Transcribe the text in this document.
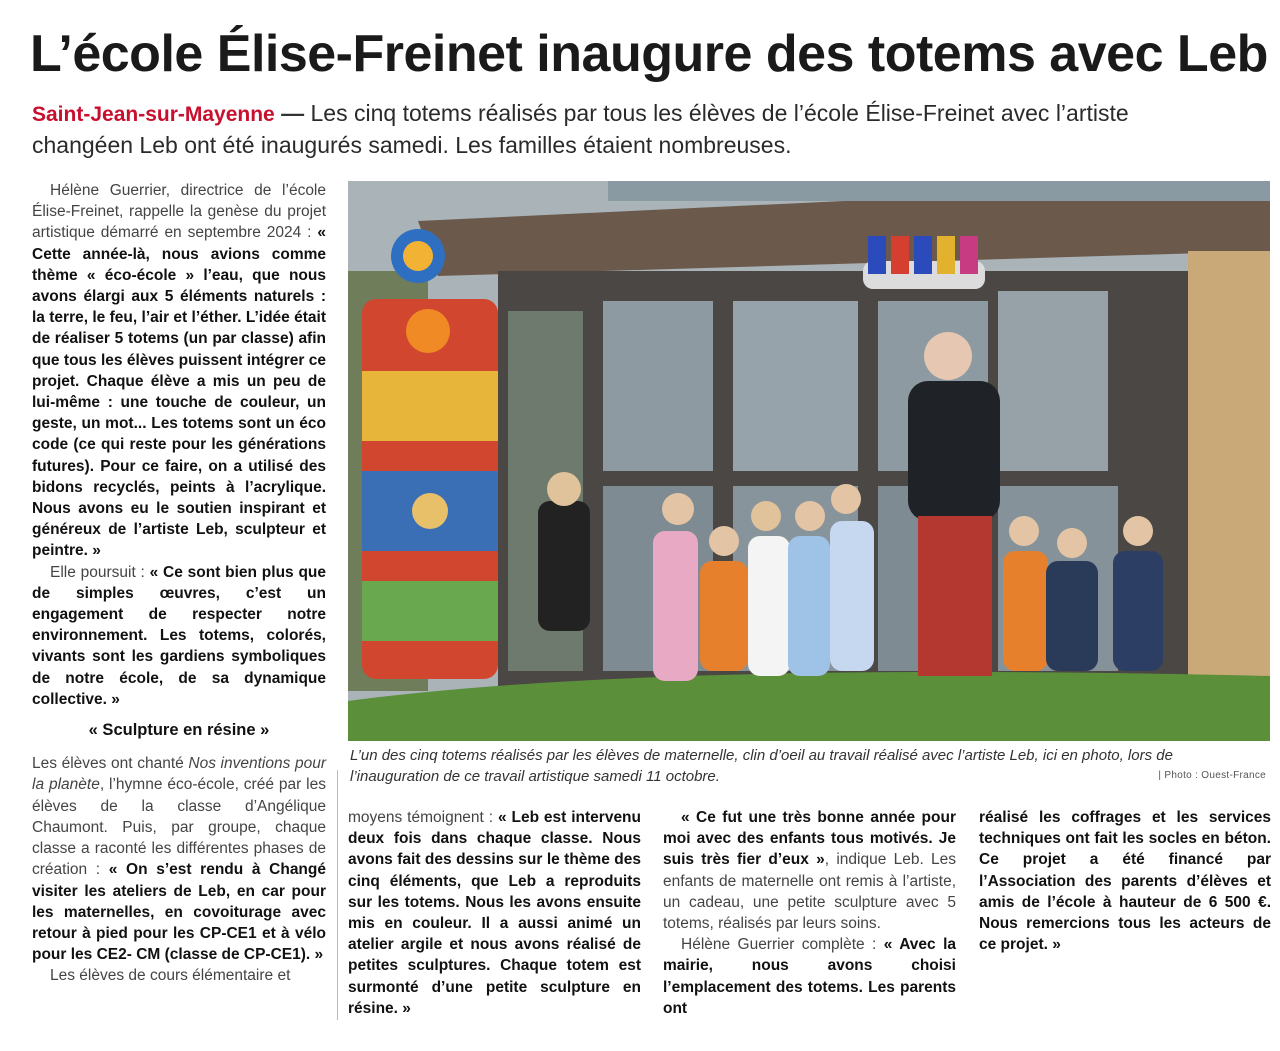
L’école Élise-Freinet inaugure des totems avec Leb
Saint-Jean-sur-Mayenne — Les cinq totems réalisés par tous les élèves de l’école Élise-Freinet avec l’artiste changéen Leb ont été inaugurés samedi. Les familles étaient nombreuses.

Hélène Guerrier, directrice de l’école Élise-Freinet, rappelle la genèse du projet artistique démarré en septembre 2024 : « Cette année-là, nous avions comme thème « éco-école » l’eau, que nous avons élargi aux 5 éléments naturels : la terre, le feu, l’air et l’éther. L’idée était de réaliser 5 totems (un par classe) afin que tous les élèves puissent intégrer ce projet. Chaque élève a mis un peu de lui-même : une touche de couleur, un geste, un mot... Les totems sont un éco code (ce qui reste pour les générations futures). Pour ce faire, on a utilisé des bidons recyclés, peints à l’acrylique. Nous avons eu le soutien inspirant et généreux de l’artiste Leb, sculpteur et peintre. »

Elle poursuit : « Ce sont bien plus que de simples œuvres, c’est un engagement de respecter notre environnement. Les totems, colorés, vivants sont les gardiens symboliques de notre école, de sa dynamique collective. »

« Sculpture en résine »

Les élèves ont chanté Nos inventions pour la planète, l’hymne éco-école, créé par les élèves de la classe d’Angélique Chaumont. Puis, par groupe, chaque classe a raconté les différentes phases de création : « On s’est rendu à Changé visiter les ateliers de Leb, en car pour les maternelles, en covoiturage avec retour à pied pour les CP-CE1 et à vélo pour les CE2- CM (classe de CP-CE1). »

Les élèves de cours élémentaire et

L’un des cinq totems réalisés par les élèves de maternelle, clin d’oeil au travail réalisé avec l’artiste Leb, ici en photo, lors de l’inauguration de ce travail artistique samedi 11 octobre.	| Photo : Ouest-France

moyens témoignent : « Leb est intervenu deux fois dans chaque classe. Nous avons fait des dessins sur le thème des cinq éléments, que Leb a reproduits sur les totems. Nous les avons ensuite mis en couleur. Il a aussi animé un atelier argile et nous avons réalisé de petites sculptures. Chaque totem est surmonté d’une petite sculpture en résine. »

« Ce fut une très bonne année pour moi avec des enfants tous motivés. Je suis très fier d’eux », indique Leb. Les enfants de maternelle ont remis à l’artiste, un cadeau, une petite sculpture avec 5 totems, réalisés par leurs soins.

Hélène Guerrier complète : « Avec la mairie, nous avons choisi l’emplacement des totems. Les parents ont

réalisé les coffrages et les services techniques ont fait les socles en béton. Ce projet a été financé par l’Association des parents d’élèves et amis de l’école à hauteur de 6 500 €. Nous remercions tous les acteurs de ce projet. »
